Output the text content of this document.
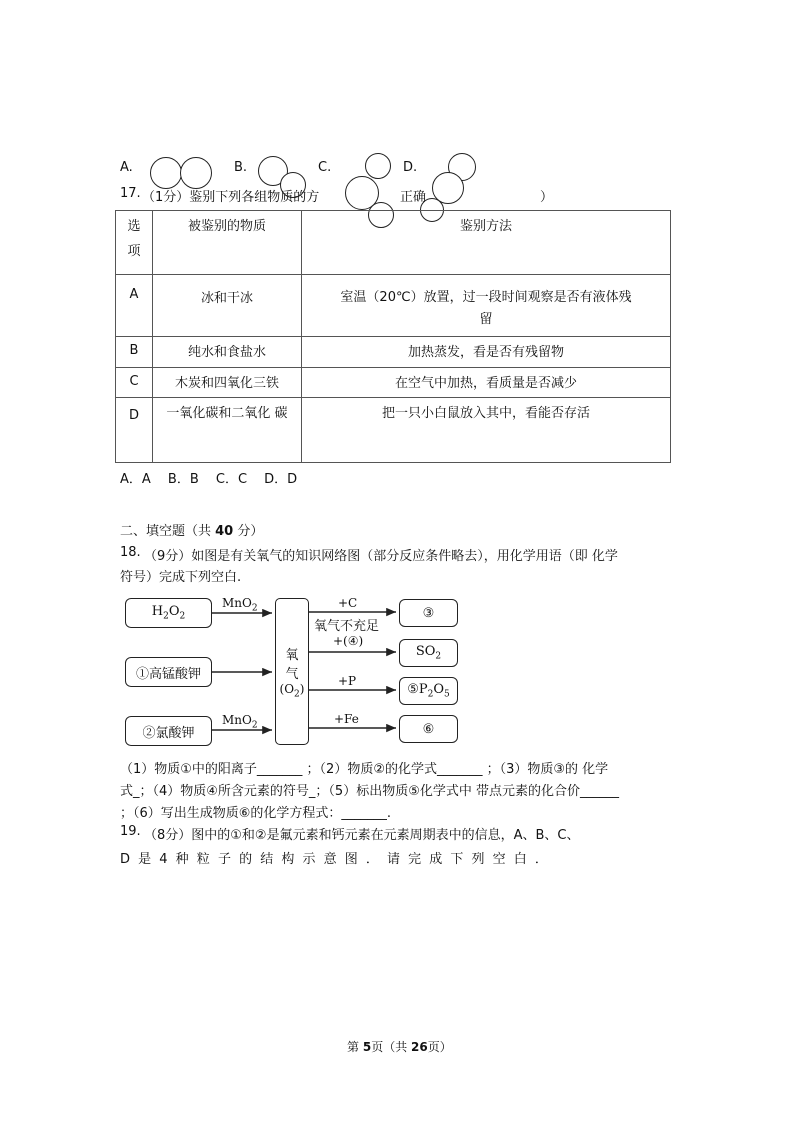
A.	B.	C.	D.
17. （1分）鉴别下列各组物质的方	正确	）
选
项	被鉴别的物质	鉴别方法
A	冰和干冰	室温（20℃）放置，过一段时间观察是否有液体残
留

B	纯水和食盐水	加热蒸发，看是否有残留物
C	木炭和四氧化三铁	在空气中加热，看质量是否减少
D	一氧化碳和二氧化 碳	把一只小白鼠放入其中，看能否存活
A．A　 B．B　 C．C　 D．D
二、填空题（共 40 分）
18. （9分）如图是有关氧气的知识网络图（部分反应条件略去），用化学用语（即 化学
符号）完成下列空白.
$H_2O_2$
①高锰酸钾
②氯酸钾
MnO$_2$
MnO$_2$
氧
气
$(O_2)$
+C
氧气不充足
+(④)
+P
+Fe
③
$SO_2$
$⑤P_2O_5$
⑥
（1）物质①中的阳离子_______ ；（2）物质②的化学式_______ ；（3）物质③的 化学
式_；（4）物质④所含元素的符号_；（5）标出物质⑤化学式中 带点元素的化合价______
；（6）写出生成物质⑥的化学方程式：_______.
19. （8分）图中的①和②是氟元素和钙元素在元素周期表中的信息，A、B、C、
D 是 4 种 粒 子 的 结 构 示 意 图 ． 请 完 成 下 列 空 白 ．
第 5页（共 26页）
